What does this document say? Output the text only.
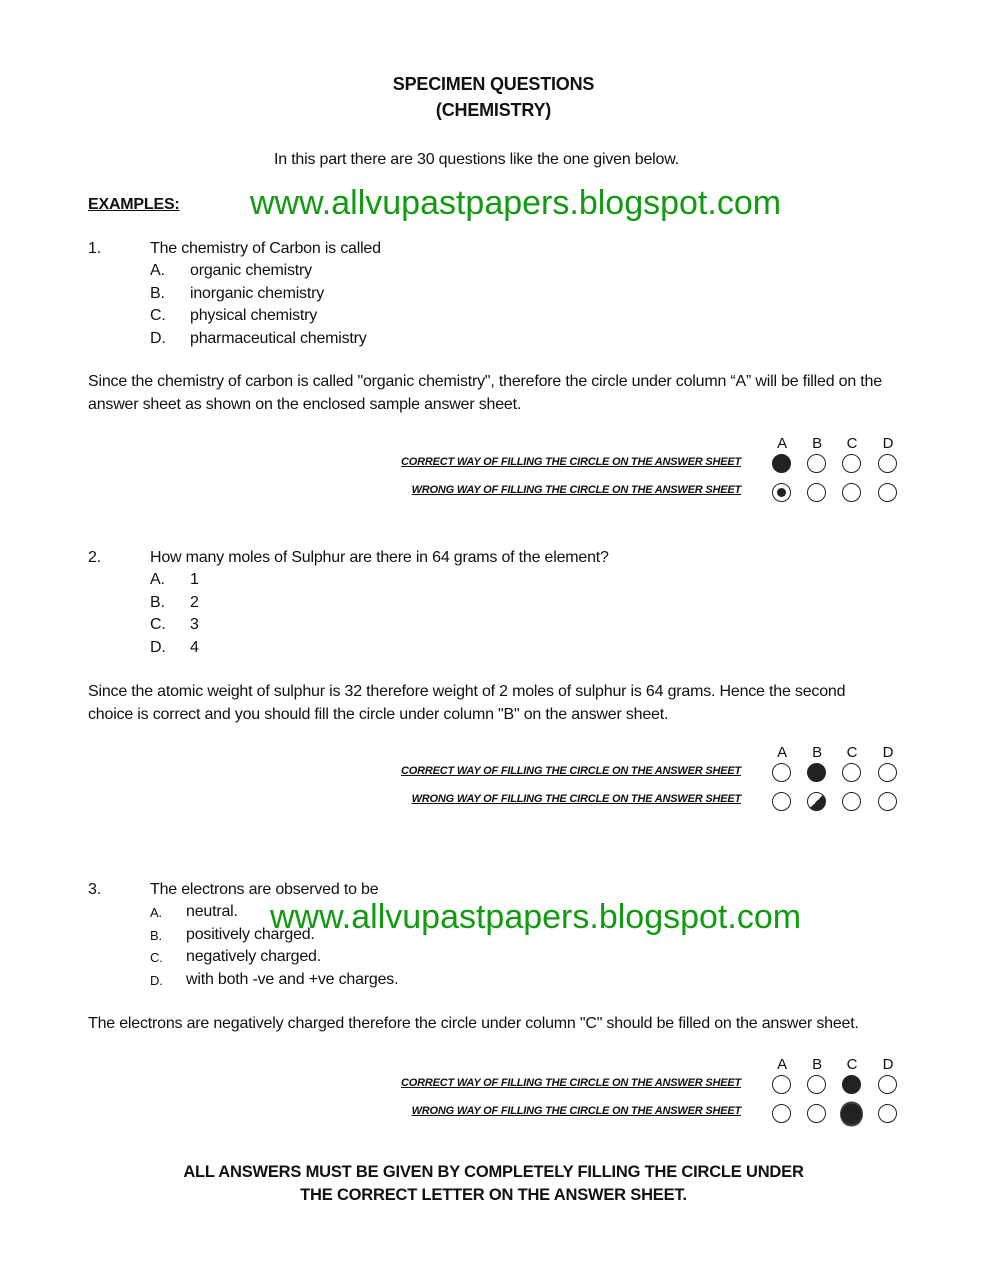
SPECIMEN QUESTIONS
(CHEMISTRY)
In this part there are 30 questions like the one given below.
EXAMPLES: www.allvupastpapers.blogspot.com
www.allvupastpapers.blogspot.com
1.	The chemistry of Carbon is called
A. organic chemistry
B. inorganic chemistry
C. physical chemistry
D. pharmaceutical chemistry
Since the chemistry of carbon is called "organic chemistry", therefore the circle under column “A” will be filled on the
answer sheet as shown on the enclosed sample answer sheet.
A	B	C	D
CORRECT WAY OF FILLING THE CIRCLE ON THE ANSWER SHEET
WRONG WAY OF FILLING THE CIRCLE ON THE ANSWER SHEET
2.	How many moles of Sulphur are there in 64 grams of the element?
A. 1
B. 2
C. 3
D. 4
Since the atomic weight of sulphur is 32 therefore weight of 2 moles of sulphur is 64 grams. Hence the second
choice is correct and you should fill the circle under column "B" on the answer sheet.
A	B	C	D
CORRECT WAY OF FILLING THE CIRCLE ON THE ANSWER SHEET
WRONG WAY OF FILLING THE CIRCLE ON THE ANSWER SHEET
3.	The electrons are observed to be
A. neutral.
B. positively charged.
C. negatively charged.
D. with both -ve and +ve charges.
The electrons are negatively charged therefore the circle under column "C" should be filled on the answer sheet.
A	B	C	D
CORRECT WAY OF FILLING THE CIRCLE ON THE ANSWER SHEET
WRONG WAY OF FILLING THE CIRCLE ON THE ANSWER SHEET
ALL ANSWERS MUST BE GIVEN BY COMPLETELY FILLING THE CIRCLE UNDER
THE CORRECT LETTER ON THE ANSWER SHEET.
